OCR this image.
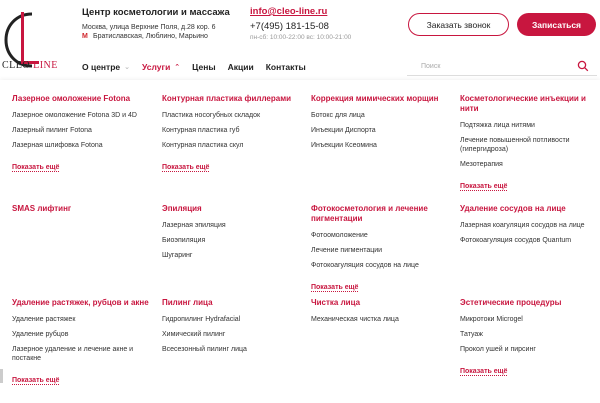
CLEO LINE
Центр косметологии и массажа
Москва, улица Верхние Поля, д.28 кор. 6
M Братиславская, Люблино, Марьино
info@cleo-line.ru
+7(495) 181-15-08
пн-сб: 10:00-22:00 вс: 10:00-21:00
Заказать звонок	Записаться
О центре ⌄ Услуги ⌃ Цены Акции Контакты
Поиск
Лазерное омоложение Fotona
Лазерное омоложение Fotona 3D и 4D
Лазерный пилинг Fotona
Лазерная шлифовка Fotona
Показать ещё
Контурная пластика филлерами
Пластика носогубных складок
Контурная пластика губ
Контурная пластика скул
Показать ещё
Коррекция мимических морщин
Ботокс для лица
Инъекции Диспорта
Инъекции Ксеомина
Косметологические инъекции и нити
Подтяжка лица нитями
Лечение повышенной потливости (гипергидроза)
Мезотерапия
Показать ещё
SMAS лифтинг	Эпиляция
Лазерная эпиляция
Биоэпиляция
Шугаринг
Фотокосметология и лечение пигментации
Фотоомоложение
Лечение пигментации
Фотокоагуляция сосудов на лице
Показать ещё
Удаление сосудов на лице
Лазерная коагуляция сосудов на лице
Фотокоагуляция сосудов Quantum
Удаление растяжек, рубцов и акне
Удаление растяжек
Удаление рубцов
Лазерное удаление и лечение акне и постакне
Показать ещё
Пилинг лица
Гидропилинг Hydrafacial
Химический пилинг
Всесезонный пилинг лица
Чистка лица
Механическая чистка лица
Эстетические процедуры
Микротоки Microgel
Татуаж
Прокол ушей и пирсинг
Показать ещё
